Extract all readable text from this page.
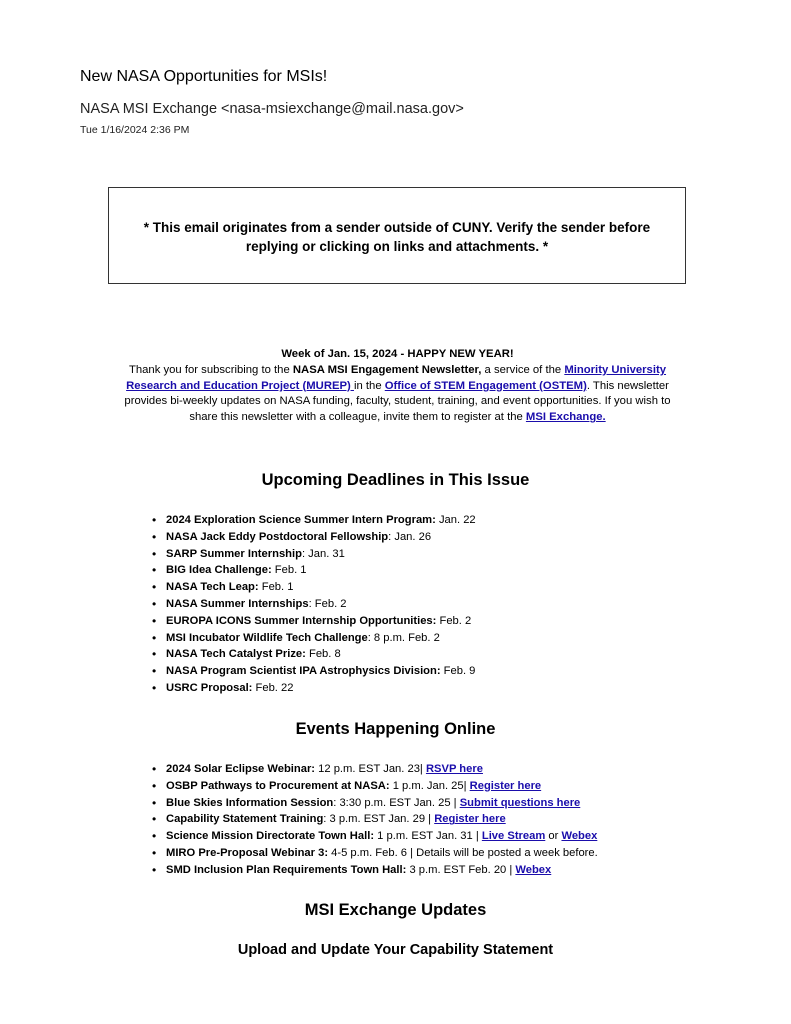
New NASA Opportunities for MSIs!
NASA MSI Exchange <nasa-msiexchange@mail.nasa.gov>
Tue 1/16/2024 2:36 PM
* This email originates from a sender outside of CUNY. Verify the sender before replying or clicking on links and attachments. *
Week of Jan. 15, 2024 - HAPPY NEW YEAR!
Thank you for subscribing to the NASA MSI Engagement Newsletter, a service of the Minority University Research and Education Project (MUREP) in the Office of STEM Engagement (OSTEM). This newsletter provides bi-weekly updates on NASA funding, faculty, student, training, and event opportunities. If you wish to share this newsletter with a colleague, invite them to register at the MSI Exchange.
Upcoming Deadlines in This Issue
• 2024 Exploration Science Summer Intern Program: Jan. 22
• NASA Jack Eddy Postdoctoral Fellowship: Jan. 26
• SARP Summer Internship: Jan. 31
• BIG Idea Challenge: Feb. 1
• NASA Tech Leap: Feb. 1
• NASA Summer Internships: Feb. 2
• EUROPA ICONS Summer Internship Opportunities: Feb. 2
• MSI Incubator Wildlife Tech Challenge: 8 p.m. Feb. 2
• NASA Tech Catalyst Prize: Feb. 8
• NASA Program Scientist IPA Astrophysics Division: Feb. 9
• USRC Proposal: Feb. 22
Events Happening Online
• 2024 Solar Eclipse Webinar: 12 p.m. EST Jan. 23| RSVP here
• OSBP Pathways to Procurement at NASA: 1 p.m. Jan. 25| Register here
• Blue Skies Information Session: 3:30 p.m. EST Jan. 25 | Submit questions here
• Capability Statement Training: 3 p.m. EST Jan. 29 | Register here
• Science Mission Directorate Town Hall: 1 p.m. EST Jan. 31 | Live Stream or Webex
• MIRO Pre-Proposal Webinar 3: 4-5 p.m. Feb. 6 | Details will be posted a week before.
• SMD Inclusion Plan Requirements Town Hall: 3 p.m. EST Feb. 20 | Webex
MSI Exchange Updates
Upload and Update Your Capability Statement
